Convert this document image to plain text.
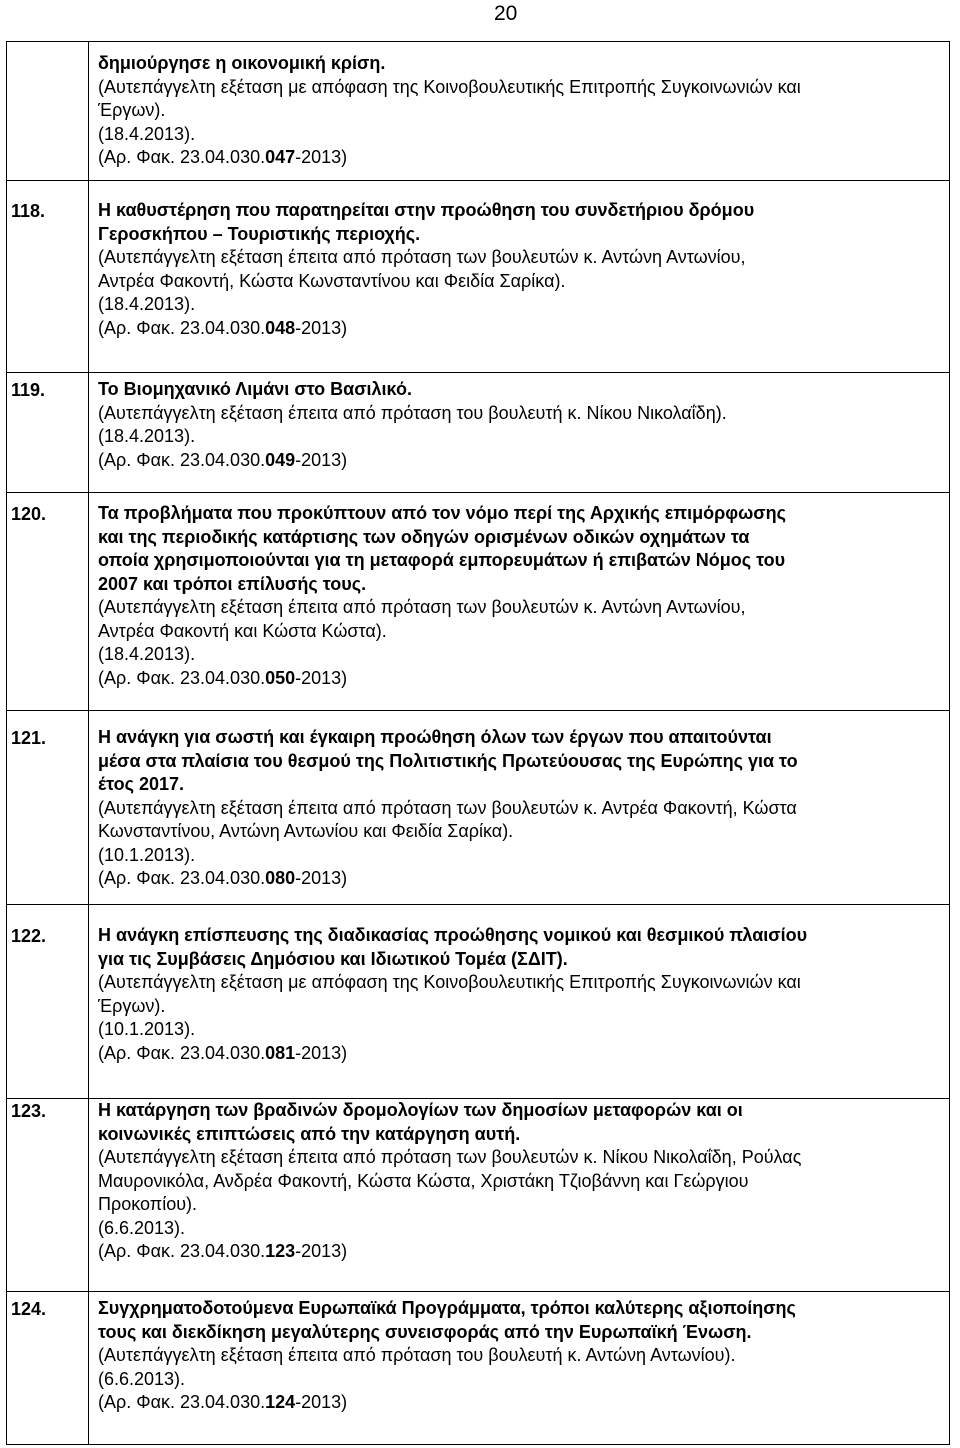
20
δημιούργησε η οικονομική κρίση.
(Αυτεπάγγελτη εξέταση με απόφαση της Κοινοβουλευτικής Επιτροπής Συγκοινωνιών και
Έργων).
(18.4.2013).
(Αρ. Φακ. 23.04.030.047-2013)
118.	Η καθυστέρηση που παρατηρείται στην προώθηση του συνδετήριου δρόμου
Γεροσκήπου – Τουριστικής περιοχής.
(Αυτεπάγγελτη εξέταση έπειτα από πρόταση των βουλευτών κ. Αντώνη Αντωνίου,
Αντρέα Φακοντή, Κώστα Κωνσταντίνου και Φειδία Σαρίκα).
(18.4.2013).
(Αρ. Φακ. 23.04.030.048-2013)
119.	Το Βιομηχανικό Λιμάνι στο Βασιλικό.
(Αυτεπάγγελτη εξέταση έπειτα από πρόταση του βουλευτή κ. Νίκου Νικολαΐδη).
(18.4.2013).
(Αρ. Φακ. 23.04.030.049-2013)
120.	Τα προβλήματα που προκύπτουν από τον νόμο περί της Αρχικής επιμόρφωσης
και της περιοδικής κατάρτισης των οδηγών ορισμένων οδικών οχημάτων τα
οποία χρησιμοποιούνται για τη μεταφορά εμπορευμάτων ή επιβατών Νόμος του
2007 και τρόποι επίλυσής τους.
(Αυτεπάγγελτη εξέταση έπειτα από πρόταση των βουλευτών κ. Αντώνη Αντωνίου,
Αντρέα Φακοντή και Κώστα Κώστα).
(18.4.2013).
(Αρ. Φακ. 23.04.030.050-2013)
121.	Η ανάγκη για σωστή και έγκαιρη προώθηση όλων των έργων που απαιτούνται
μέσα στα πλαίσια του θεσμού της Πολιτιστικής Πρωτεύουσας της Ευρώπης για το
έτος 2017.
(Αυτεπάγγελτη εξέταση έπειτα από πρόταση των βουλευτών κ. Αντρέα Φακοντή, Κώστα
Κωνσταντίνου, Αντώνη Αντωνίου και Φειδία Σαρίκα).
(10.1.2013).
(Αρ. Φακ. 23.04.030.080-2013)
122.	Η ανάγκη επίσπευσης της διαδικασίας προώθησης νομικού και θεσμικού πλαισίου
για τις Συμβάσεις Δημόσιου και Ιδιωτικού Τομέα (ΣΔΙΤ).
(Αυτεπάγγελτη εξέταση με απόφαση της Κοινοβουλευτικής Επιτροπής Συγκοινωνιών και
Έργων).
(10.1.2013).
(Αρ. Φακ. 23.04.030.081-2013)
123.	Η κατάργηση των βραδινών δρομολογίων των δημοσίων μεταφορών και οι
κοινωνικές επιπτώσεις από την κατάργηση αυτή.
(Αυτεπάγγελτη εξέταση έπειτα από πρόταση των βουλευτών κ. Νίκου Νικολαΐδη, Ρούλας
Μαυρονικόλα, Ανδρέα Φακοντή, Κώστα Κώστα, Χριστάκη Τζιοβάννη και Γεώργιου
Προκοπίου).
(6.6.2013).
(Αρ. Φακ. 23.04.030.123-2013)
124.	Συγχρηματοδοτούμενα Ευρωπαϊκά Προγράμματα, τρόποι καλύτερης αξιοποίησης
τους και διεκδίκηση μεγαλύτερης συνεισφοράς από την Ευρωπαϊκή Ένωση.
(Αυτεπάγγελτη εξέταση έπειτα από πρόταση του βουλευτή κ. Αντώνη Αντωνίου).
(6.6.2013).
(Αρ. Φακ. 23.04.030.124-2013)
